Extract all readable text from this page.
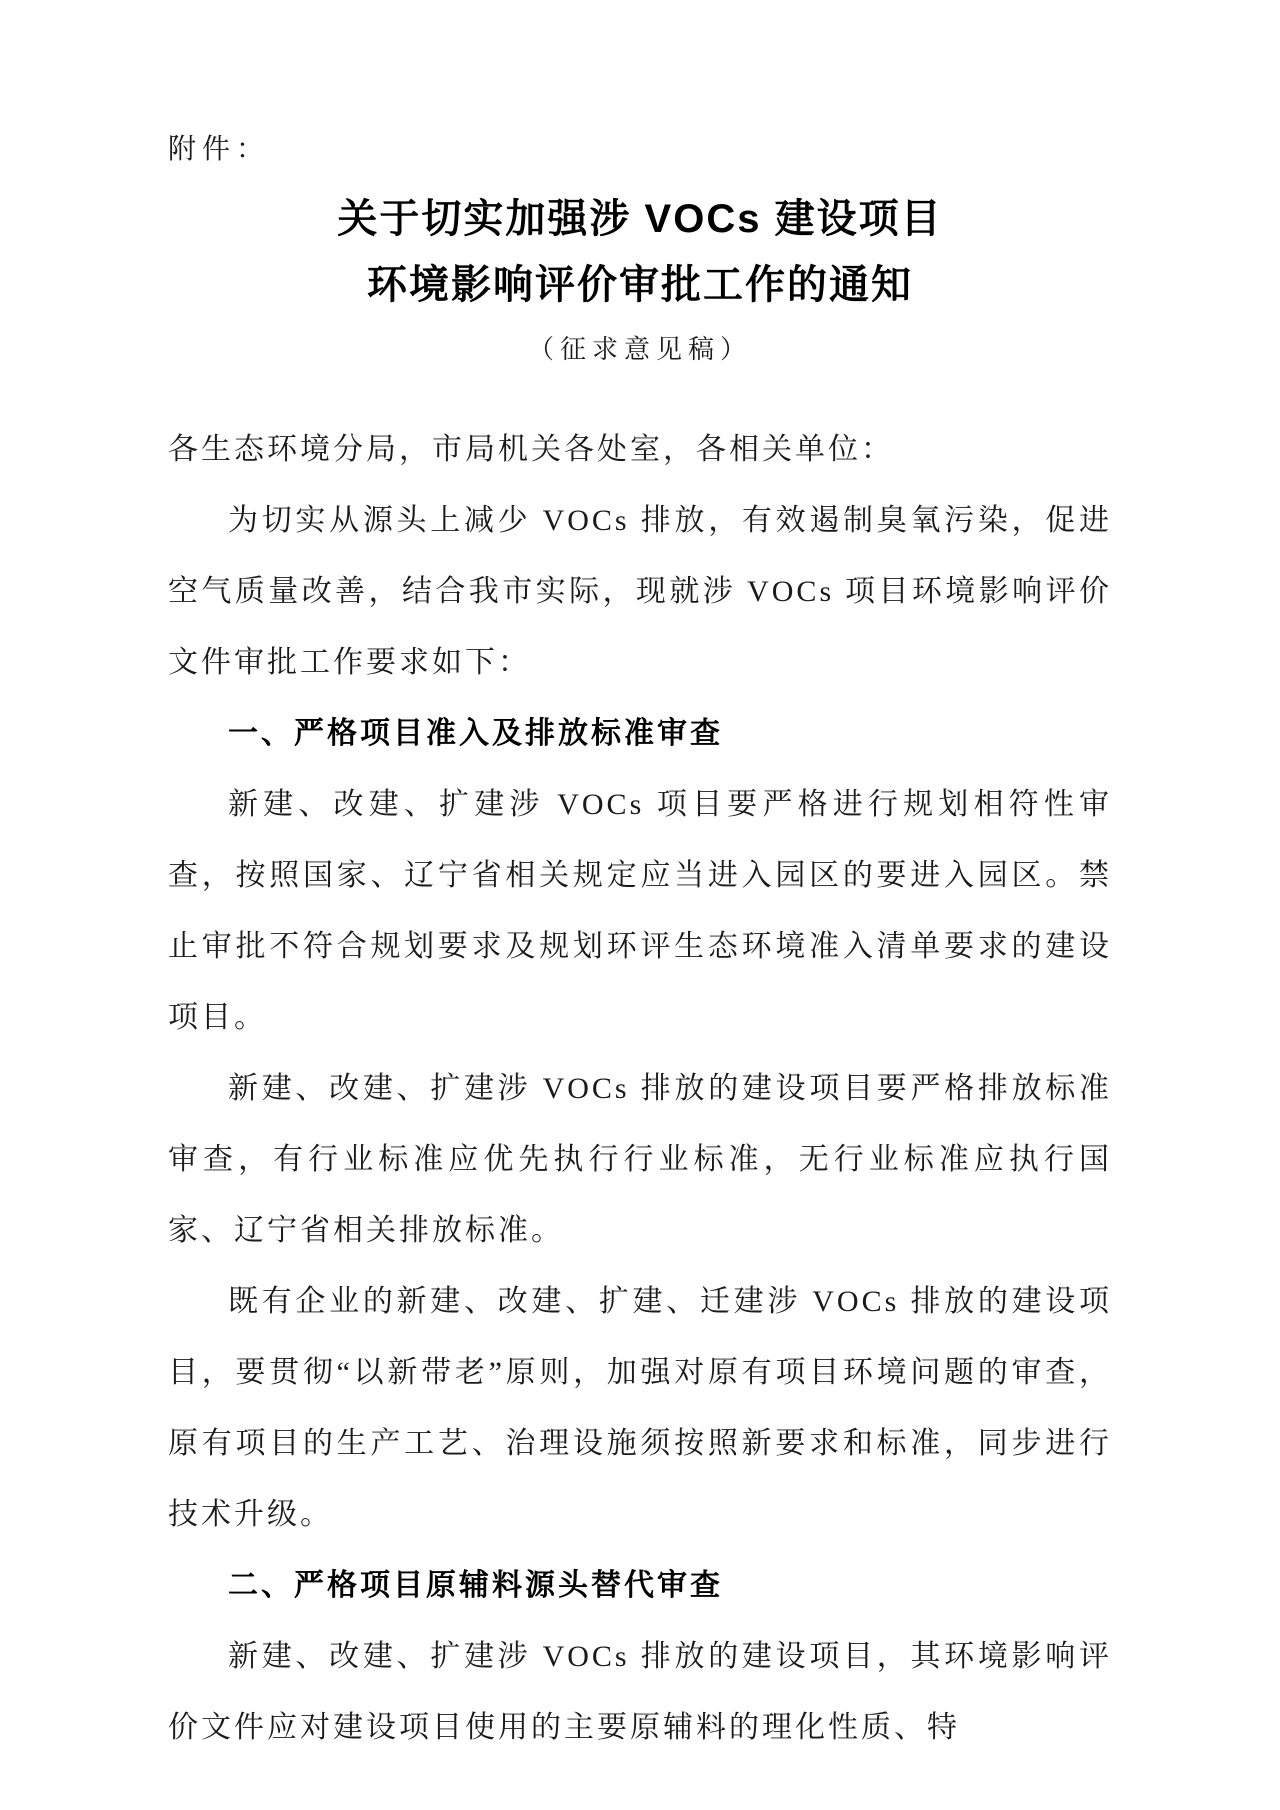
附件：
关于切实加强涉 VOCs 建设项目
环境影响评价审批工作的通知
（征求意见稿）

各生态环境分局，市局机关各处室，各相关单位：

为切实从源头上减少 VOCs 排放，有效遏制臭氧污染，促进空气质量改善，结合我市实际，现就涉 VOCs 项目环境影响评价文件审批工作要求如下：

一、严格项目准入及排放标准审查

新建、改建、扩建涉 VOCs 项目要严格进行规划相符性审查，按照国家、辽宁省相关规定应当进入园区的要进入园区。禁止审批不符合规划要求及规划环评生态环境准入清单要求的建设项目。

新建、改建、扩建涉 VOCs 排放的建设项目要严格排放标准审查，有行业标准应优先执行行业标准，无行业标准应执行国家、辽宁省相关排放标准。

既有企业的新建、改建、扩建、迁建涉 VOCs 排放的建设项目，要贯彻“以新带老”原则，加强对原有项目环境问题的审查，原有项目的生产工艺、治理设施须按照新要求和标准，同步进行技术升级。

二、严格项目原辅料源头替代审查

新建、改建、扩建涉 VOCs 排放的建设项目，其环境影响评价文件应对建设项目使用的主要原辅料的理化性质、特
